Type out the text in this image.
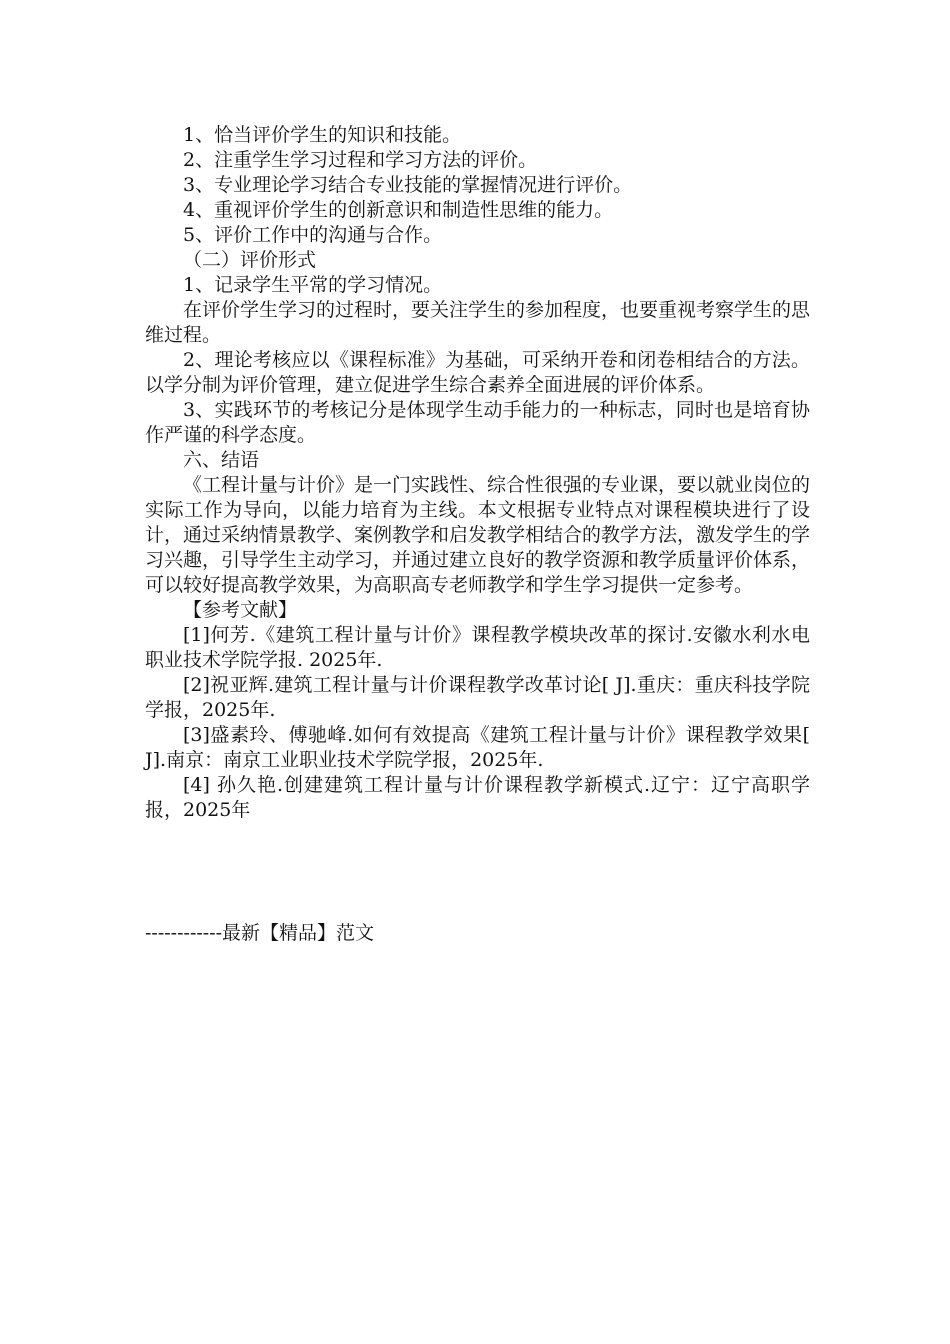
1、恰当评价学生的知识和技能。

2、注重学生学习过程和学习方法的评价。

3、专业理论学习结合专业技能的掌握情况进行评价。

4、重视评价学生的创新意识和制造性思维的能力。

5、评价工作中的沟通与合作。

（二）评价形式

1、记录学生平常的学习情况。

在评价学生学习的过程时，要关注学生的参加程度，也要重视考察学生的思维过程。

2、理论考核应以《课程标准》为基础，可采纳开卷和闭卷相结合的方法。以学分制为评价管理，建立促进学生综合素养全面进展的评价体系。

3、实践环节的考核记分是体现学生动手能力的一种标志，同时也是培育协作严谨的科学态度。

六、结语

《工程计量与计价》是一门实践性、综合性很强的专业课，要以就业岗位的实际工作为导向，以能力培育为主线。本文根据专业特点对课程模块进行了设计，通过采纳情景教学、案例教学和启发教学相结合的教学方法，激发学生的学习兴趣，引导学生主动学习，并通过建立良好的教学资源和教学质量评价体系，可以较好提高教学效果，为高职高专老师教学和学生学习提供一定参考。

【参考文献】

[1]何芳.《建筑工程计量与计价》课程教学模块改革的探讨.安徽水利水电职业技术学院学报. 2025年.

[2]祝亚辉.建筑工程计量与计价课程教学改革讨论[ J].重庆：重庆科技学院学报，2025年.

[3]盛素玲、傅驰峰.如何有效提高《建筑工程计量与计价》课程教学效果[ J].南京：南京工业职业技术学院学报，2025年.

[4] 孙久艳.创建建筑工程计量与计价课程教学新模式.辽宁：辽宁高职学报，2025年

------------最新【精品】范文
